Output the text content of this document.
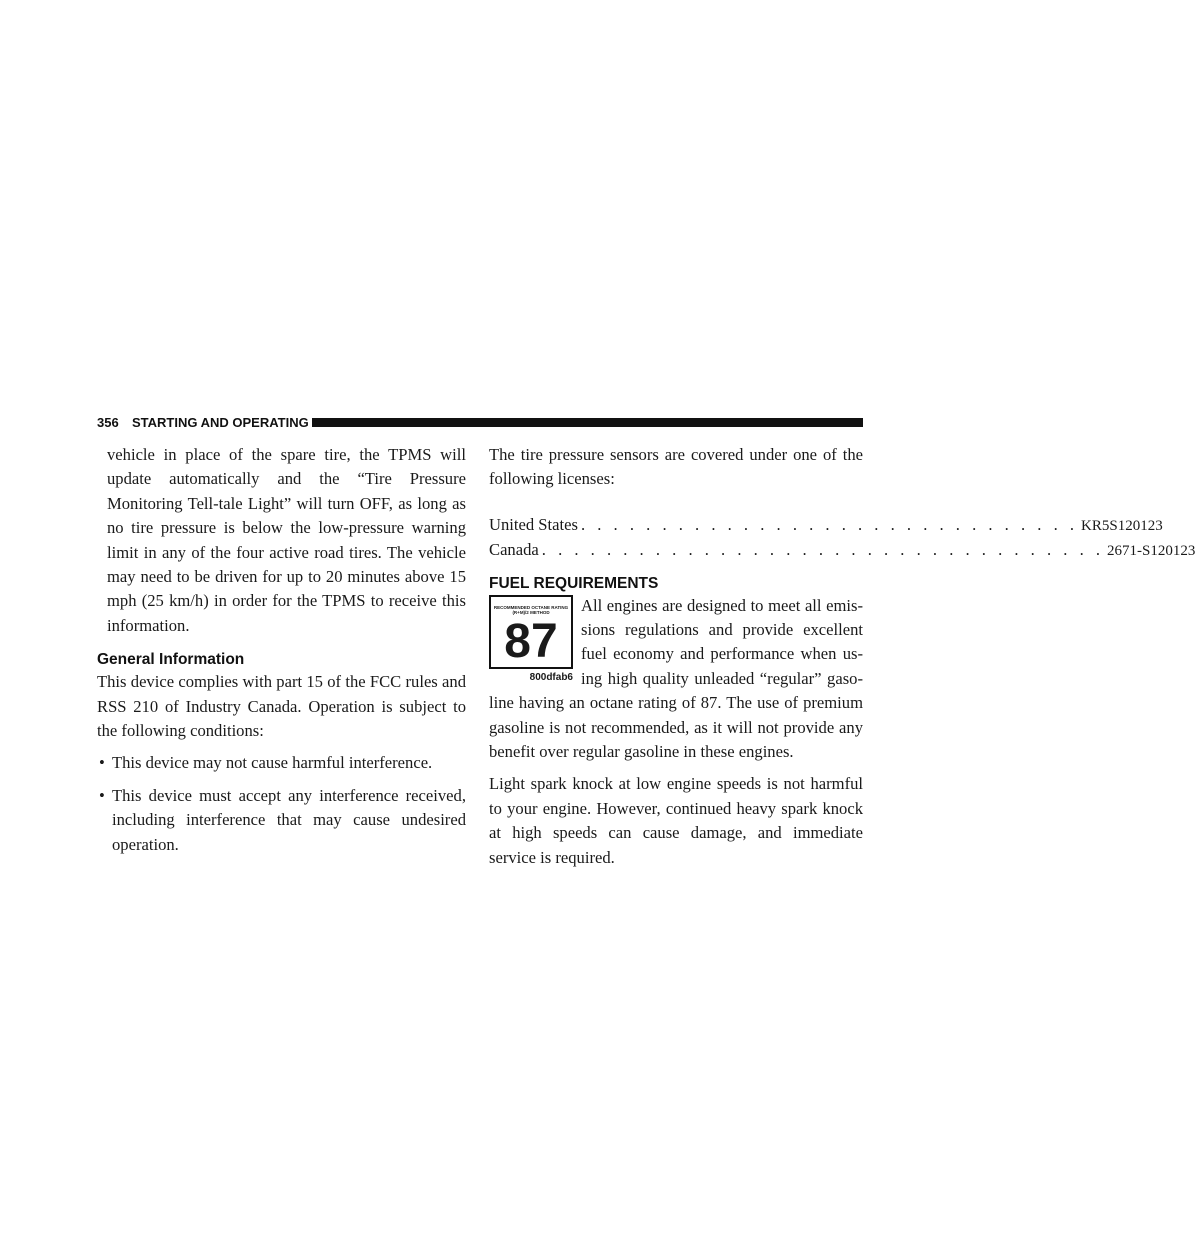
356 STARTING AND OPERATING

vehicle in place of the spare tire, the TPMS will update automatically and the “Tire Pressure Monitoring Tell-tale Light” will turn OFF, as long as no tire pressure is below the low-pressure warning limit in any of the four active road tires. The vehicle may need to be driven for up to 20 minutes above 15 mph (25 km/h) in order for the TPMS to receive this information.

General Information

This device complies with part 15 of the FCC rules and RSS 210 of Industry Canada. Operation is subject to the following conditions:

• This device may not cause harmful interference.
• This device must accept any interference received, including interference that may cause undesired operation.

The tire pressure sensors are covered under one of the following licenses:

United States . . . . . . . . . . . . . . . . . . . . . . . . . . . . . . . KR5S120123
Canada . . . . . . . . . . . . . . . . . . . . . . . . . . . . . . . . . . . 2671-S120123
FUEL REQUIREMENTS
RECOMMENDED OCTANE RATING
(R+M)/2 METHOD
87
800dfab6

All engines are designed to meet all emis-sions regulations and provide excellent fuel economy and performance when us-ing high quality unleaded “regular” gaso-line having an octane rating of 87. The use of premium gasoline is not recommended, as it will not provide any benefit over regular gasoline in these engines.

Light spark knock at low engine speeds is not harmful to your engine. However, continued heavy spark knock at high speeds can cause damage, and immediate service is required.
